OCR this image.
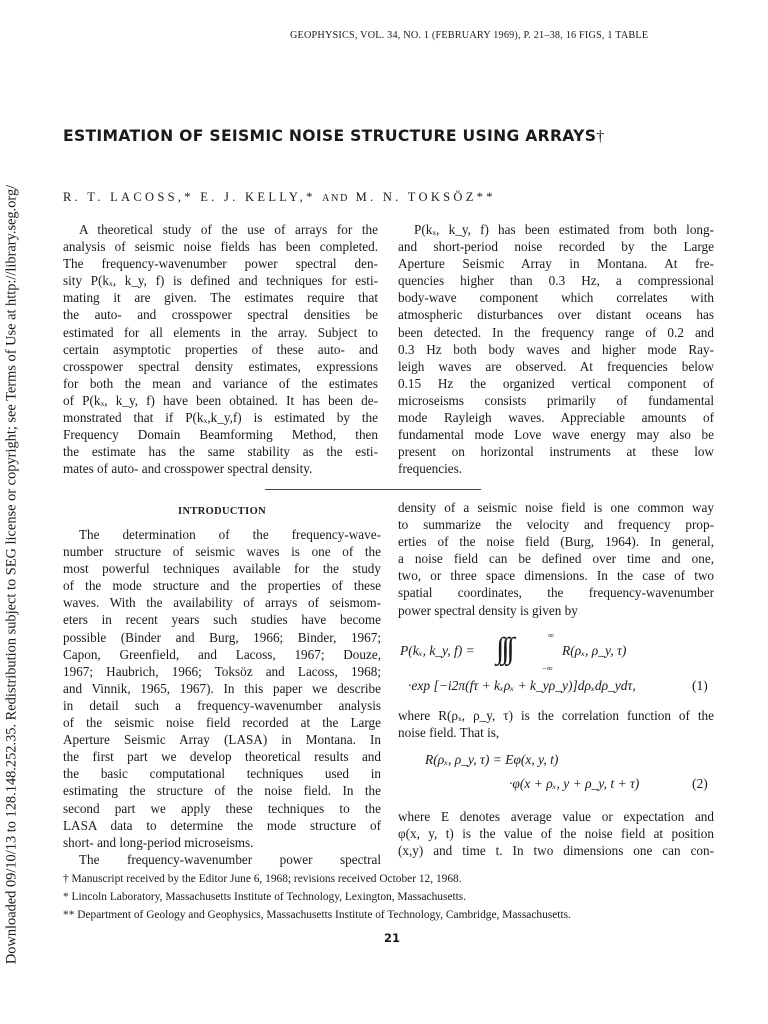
GEOPHYSICS, VOL. 34, NO. 1 (FEBRUARY 1969), P. 21–38, 16 FIGS, 1 TABLE
Downloaded 09/10/13 to 128.148.252.35. Redistribution subject to SEG license or copyright; see Terms of Use at http://library.seg.org/
ESTIMATION OF SEISMIC NOISE STRUCTURE USING ARRAYS†
R. T. LACOSS,* E. J. KELLY,* AND M. N. TOKSÖZ**

A theoretical study of the use of arrays for the

analysis of seismic noise fields has been completed.

The frequency-wavenumber power spectral den-

sity P(kₓ, k_y, f) is defined and techniques for esti-

mating it are given. The estimates require that

the auto- and crosspower spectral densities be

estimated for all elements in the array. Subject to

certain asymptotic properties of these auto- and

crosspower spectral density estimates, expressions

for both the mean and variance of the estimates

of P(kₓ, k_y, f) have been obtained. It has been de-

monstrated that if P(kₓ,k_y,f) is estimated by the

Frequency Domain Beamforming Method, then

the estimate has the same stability as the esti-

mates of auto- and crosspower spectral density.

P(kₓ, k_y, f) has been estimated from both long-

and short-period noise recorded by the Large

Aperture Seismic Array in Montana. At fre-

quencies higher than 0.3 Hz, a compressional

body-wave component which correlates with

atmospheric disturbances over distant oceans has

been detected. In the frequency range of 0.2 and

0.3 Hz both body waves and higher mode Ray-

leigh waves are observed. At frequencies below

0.15 Hz the organized vertical component of

microseisms consists primarily of fundamental

mode Rayleigh waves. Appreciable amounts of

fundamental mode Love wave energy may also be

present on horizontal instruments at these low

frequencies.

INTRODUCTION

The determination of the frequency-wave-

number structure of seismic waves is one of the

most powerful techniques available for the study

of the mode structure and the properties of these

waves. With the availability of arrays of seismom-

eters in recent years such studies have become

possible (Binder and Burg, 1966; Binder, 1967;

Capon, Greenfield, and Lacoss, 1967; Douze,

1967; Haubrich, 1966; Toksöz and Lacoss, 1968;

and Vinnik, 1965, 1967). In this paper we describe

in detail such a frequency-wavenumber analysis

of the seismic noise field recorded at the Large

Aperture Seismic Array (LASA) in Montana. In

the first part we develop theoretical results and

the basic computational techniques used in

estimating the structure of the noise field. In the

second part we apply these techniques to the

LASA data to determine the mode structure of

short- and long-period microseisms.

The frequency-wavenumber power spectral

density of a seismic noise field is one common way

to summarize the velocity and frequency prop-

erties of the noise field (Burg, 1964). In general,

a noise field can be defined over time and one,

two, or three space dimensions. In the case of two

spatial coordinates, the frequency-wavenumber

power spectral density is given by

P(kₓ, k_y, f) = ∫∫∫	∞
−∞
R(ρₓ, ρ_y, τ)
·exp [−i2π(fτ + kₓρₓ + k_yρ_y)]dρₓdρ_ydτ,	(1)

where R(ρₓ, ρ_y, τ) is the correlation function of the

noise field. That is,

R(ρₓ, ρ_y, τ) = Eφ(x, y, t)
·φ(x + ρₓ, y + ρ_y, t + τ)	(2)

where E denotes average value or expectation and

φ(x, y, t) is the value of the noise field at position

(x,y) and time t. In two dimensions one can con-

† Manuscript received by the Editor June 6, 1968; revisions received October 12, 1968.

* Lincoln Laboratory, Massachusetts Institute of Technology, Lexington, Massachusetts.

** Department of Geology and Geophysics, Massachusetts Institute of Technology, Cambridge, Massachusetts.

21
